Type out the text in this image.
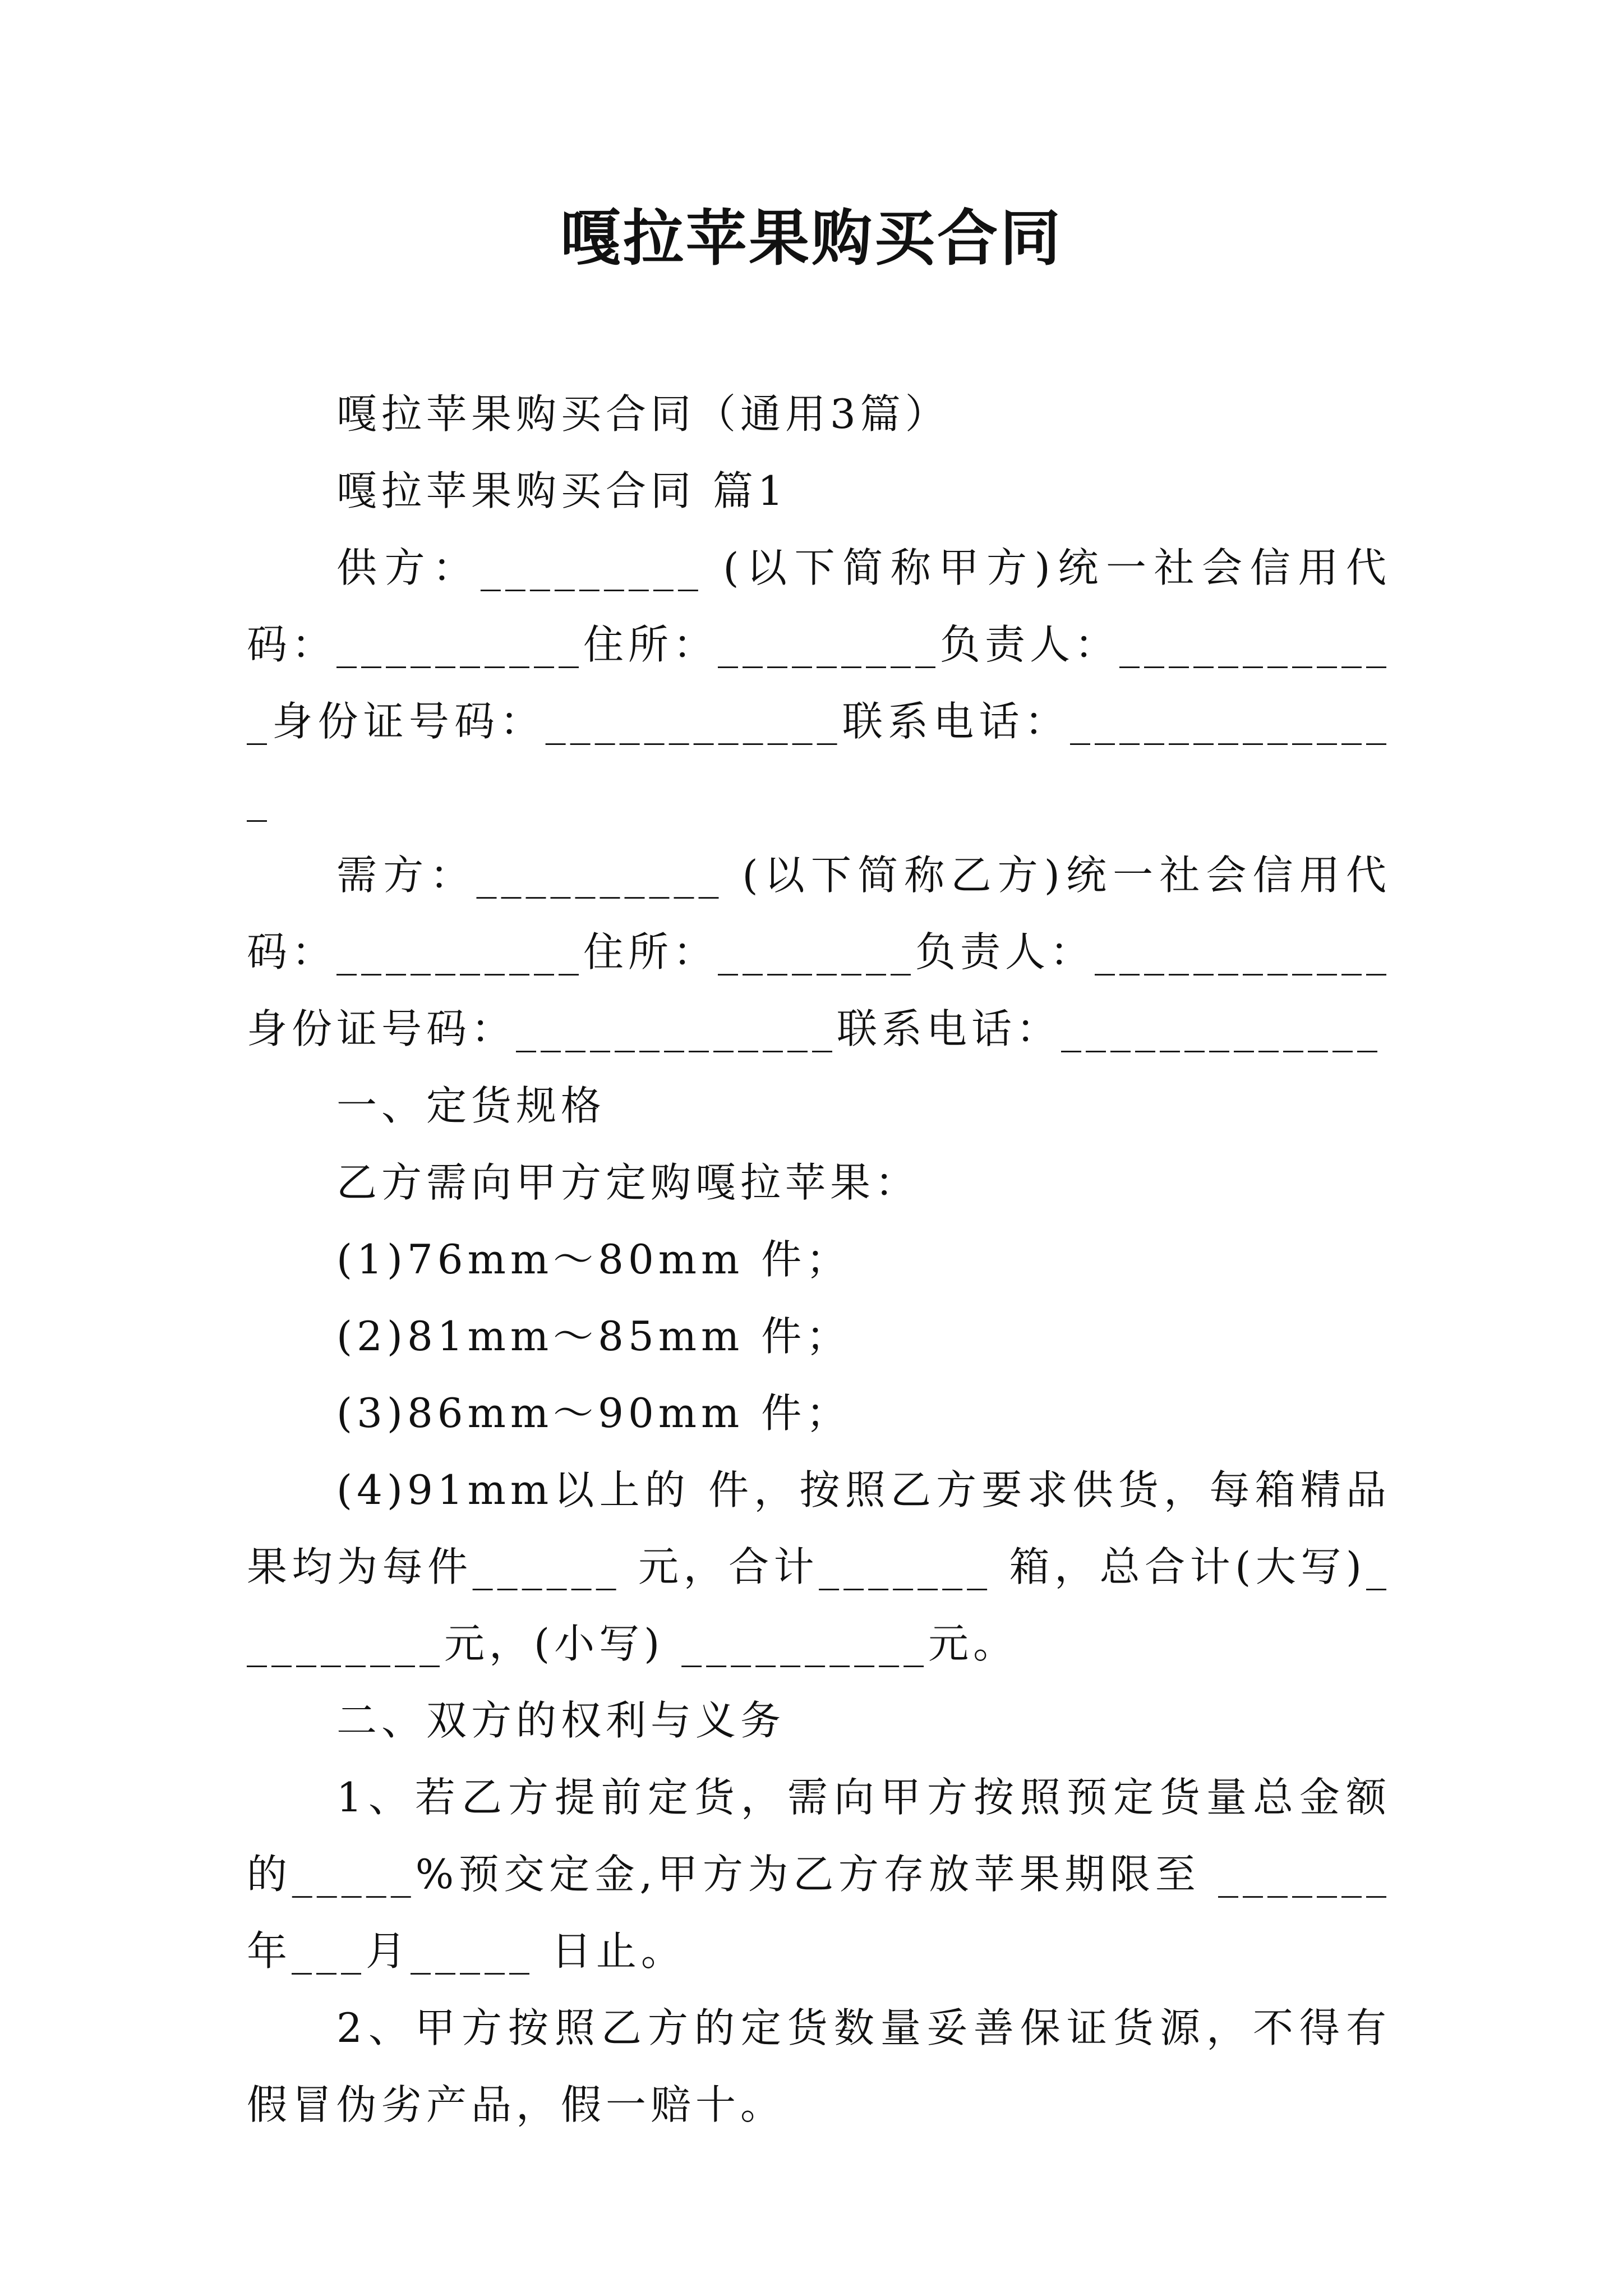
嘎拉苹果购买合同

嘎拉苹果购买合同（通用3篇）

嘎拉苹果购买合同 篇1

供方：_________ (以下简称甲方)统一社会信用代码：__________住所：_________负责人：____________身份证号码：____________联系电话：______________

需方：__________ (以下简称乙方)统一社会信用代码：__________住所：________负责人：____________身份证号码：_____________联系电话：_____________

一、定货规格

乙方需向甲方定购嘎拉苹果：

(1)76mm～80mm 件；

(2)81mm～85mm 件；

(3)86mm～90mm 件；

(4)91mm以上的 件，按照乙方要求供货，每箱精品果均为每件______ 元，合计_______ 箱，总合计(大写)_________元，(小写) __________元。

二、双方的权利与义务

1、若乙方提前定货，需向甲方按照预定货量总金额的_____%预交定金,甲方为乙方存放苹果期限至 _______年___月_____ 日止。

2、甲方按照乙方的定货数量妥善保证货源，不得有假冒伪劣产品，假一赔十。
